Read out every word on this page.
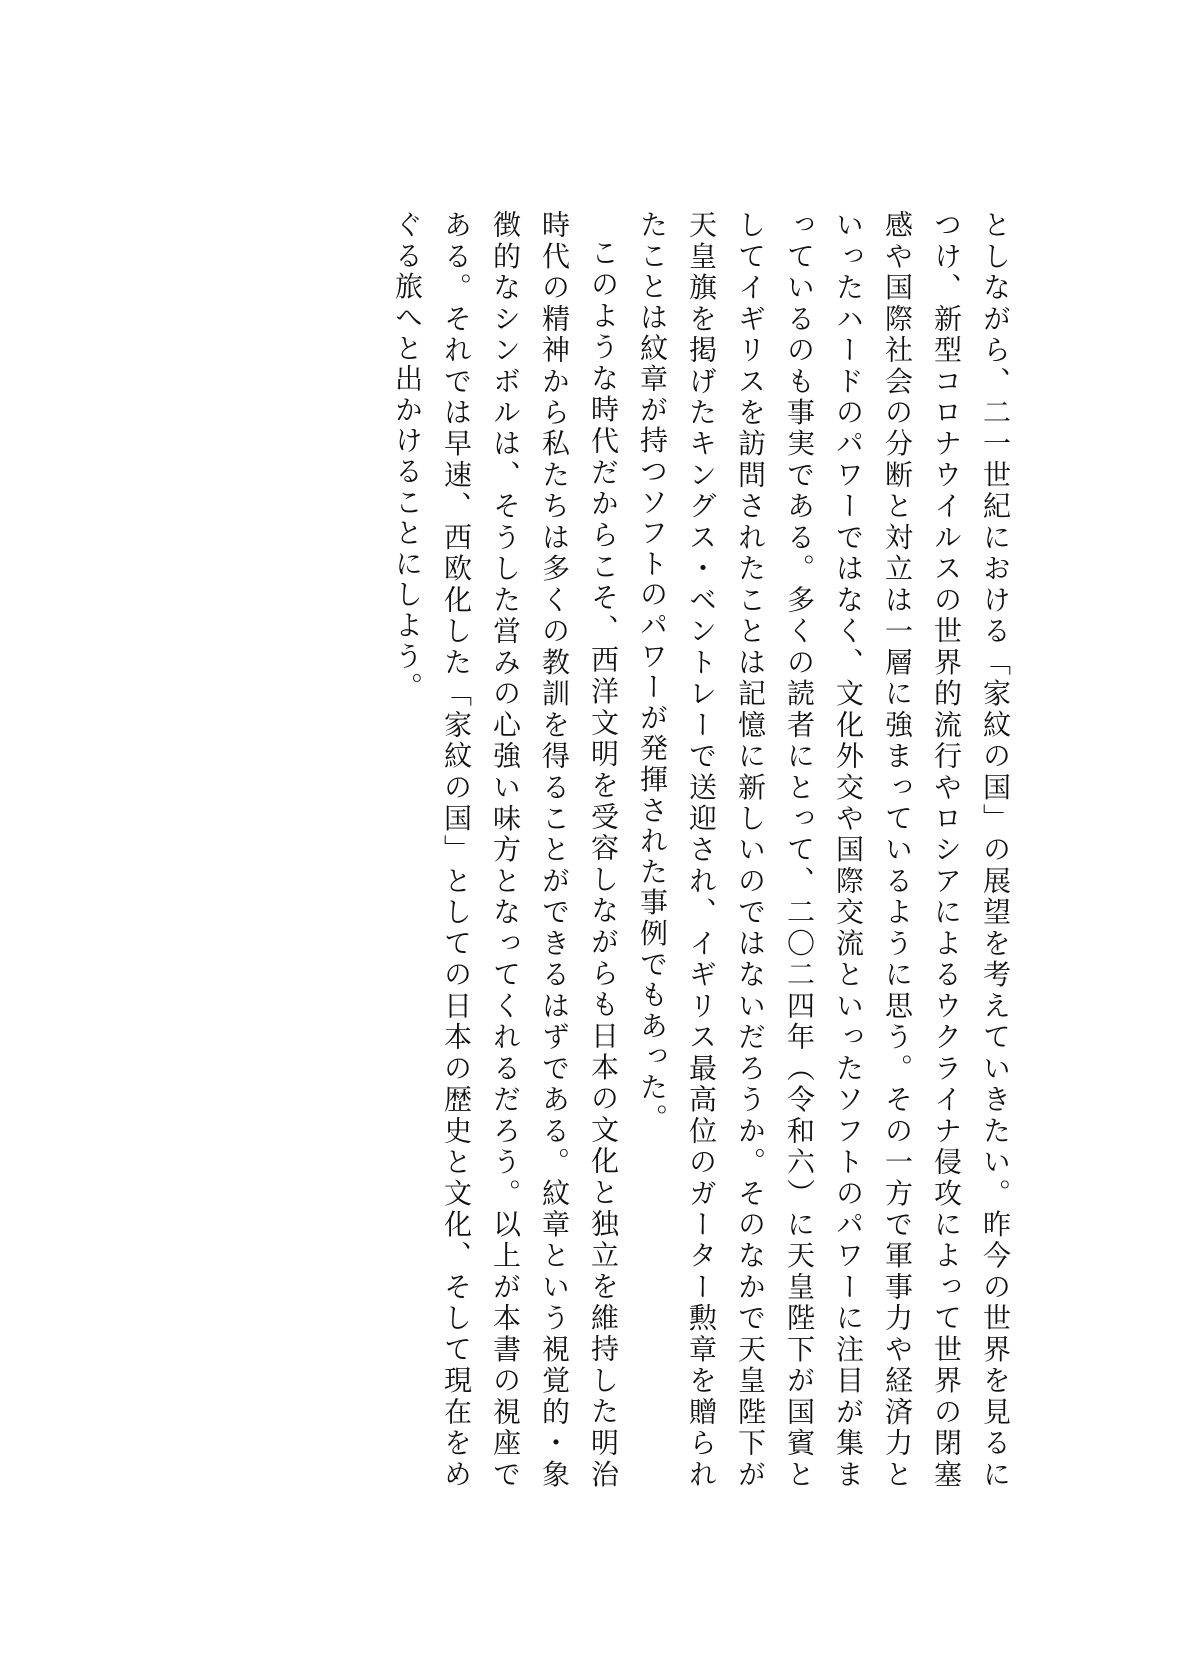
としながら、二一世紀における「家紋の国」の展望を考えていきたい。昨今の世界を見るにつけ、新型コロナウイルスの世界的流行やロシアによるウクライナ侵攻によって世界の閉塞感や国際社会の分断と対立は一層に強まっているように思う。その一方で軍事力や経済力といったハードのパワーではなく、文化外交や国際交流といったソフトのパワーに注目が集まっているのも事実である。多くの読者にとって、二〇二四年（令和六）に天皇陛下が国賓としてイギリスを訪問されたことは記憶に新しいのではないだろうか。そのなかで天皇陛下が天皇旗を掲げたキングス・ベントレーで送迎され、イギリス最高位のガーター勲章を贈られたことは紋章が持つソフトのパワーが発揮された事例でもあった。

このような時代だからこそ、西洋文明を受容しながらも日本の文化と独立を維持した明治時代の精神から私たちは多くの教訓を得ることができるはずである。紋章という視覚的・象徴的なシンボルは、そうした営みの心強い味方となってくれるだろう。以上が本書の視座である。それでは早速、西欧化した「家紋の国」としての日本の歴史と文化、そして現在をめぐる旅へと出かけることにしよう。
